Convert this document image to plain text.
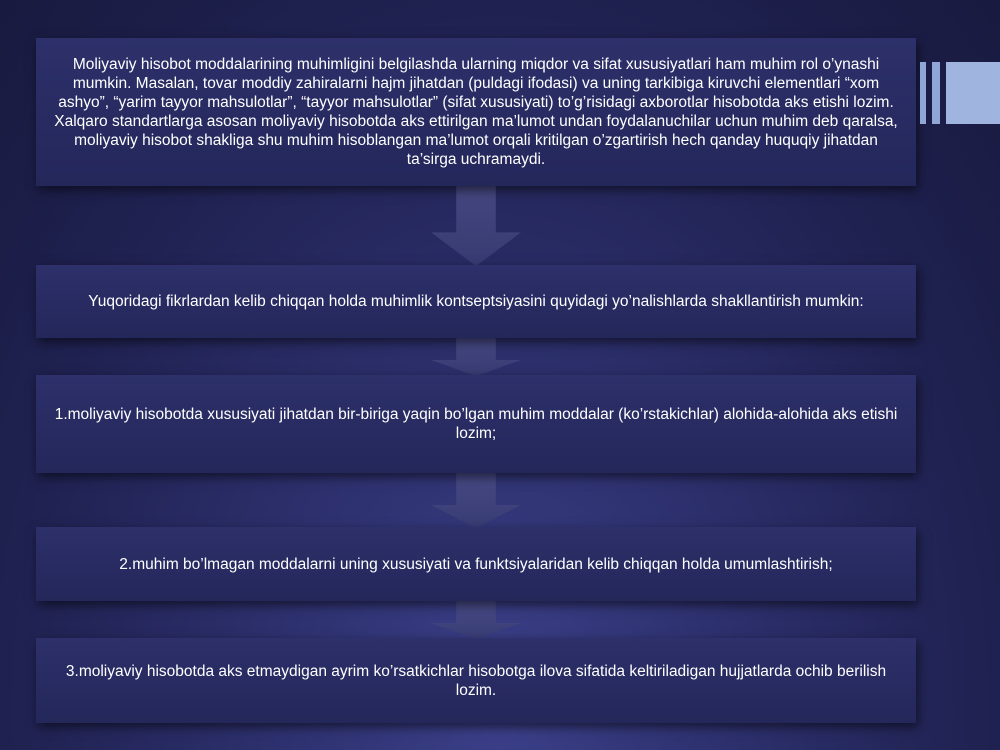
Moliyaviy hisobot moddalarining muhimligini belgilashda ularning miqdor va sifat xususiyatlari ham muhim rol o’ynashi mumkin. Masalan, tovar moddiy zahiralarni hajm jihatdan (puldagi ifodasi) va uning tarkibiga kiruvchi elementlari “xom ashyo”, “yarim tayyor mahsulotlar”, “tayyor mahsulotlar” (sifat xususiyati) to’g’risidagi axborotlar hisobotda aks etishi lozim. Xalqaro standartlarga asosan moliyaviy hisobotda aks ettirilgan ma’lumot undan foydalanuchilar uchun muhim deb qaralsa, moliyaviy hisobot shakliga shu muhim hisoblangan ma’lumot orqali kritilgan o’zgartirish hech qanday huquqiy jihatdan ta’sirga uchramaydi.
Yuqoridagi fikrlardan kelib chiqqan holda muhimlik kontseptsiyasini quyidagi yo’nalishlarda shakllantirish mumkin:
1.moliyaviy hisobotda xususiyati jihatdan bir-biriga yaqin bo’lgan muhim moddalar (ko’rstakichlar) alohida-alohida aks etishi lozim;
2.muhim bo’lmagan moddalarni uning xususiyati va funktsiyalaridan kelib chiqqan holda umumlashtirish;
3.moliyaviy hisobotda aks etmaydigan ayrim ko’rsatkichlar hisobotga ilova sifatida keltiriladigan hujjatlarda ochib berilish lozim.
